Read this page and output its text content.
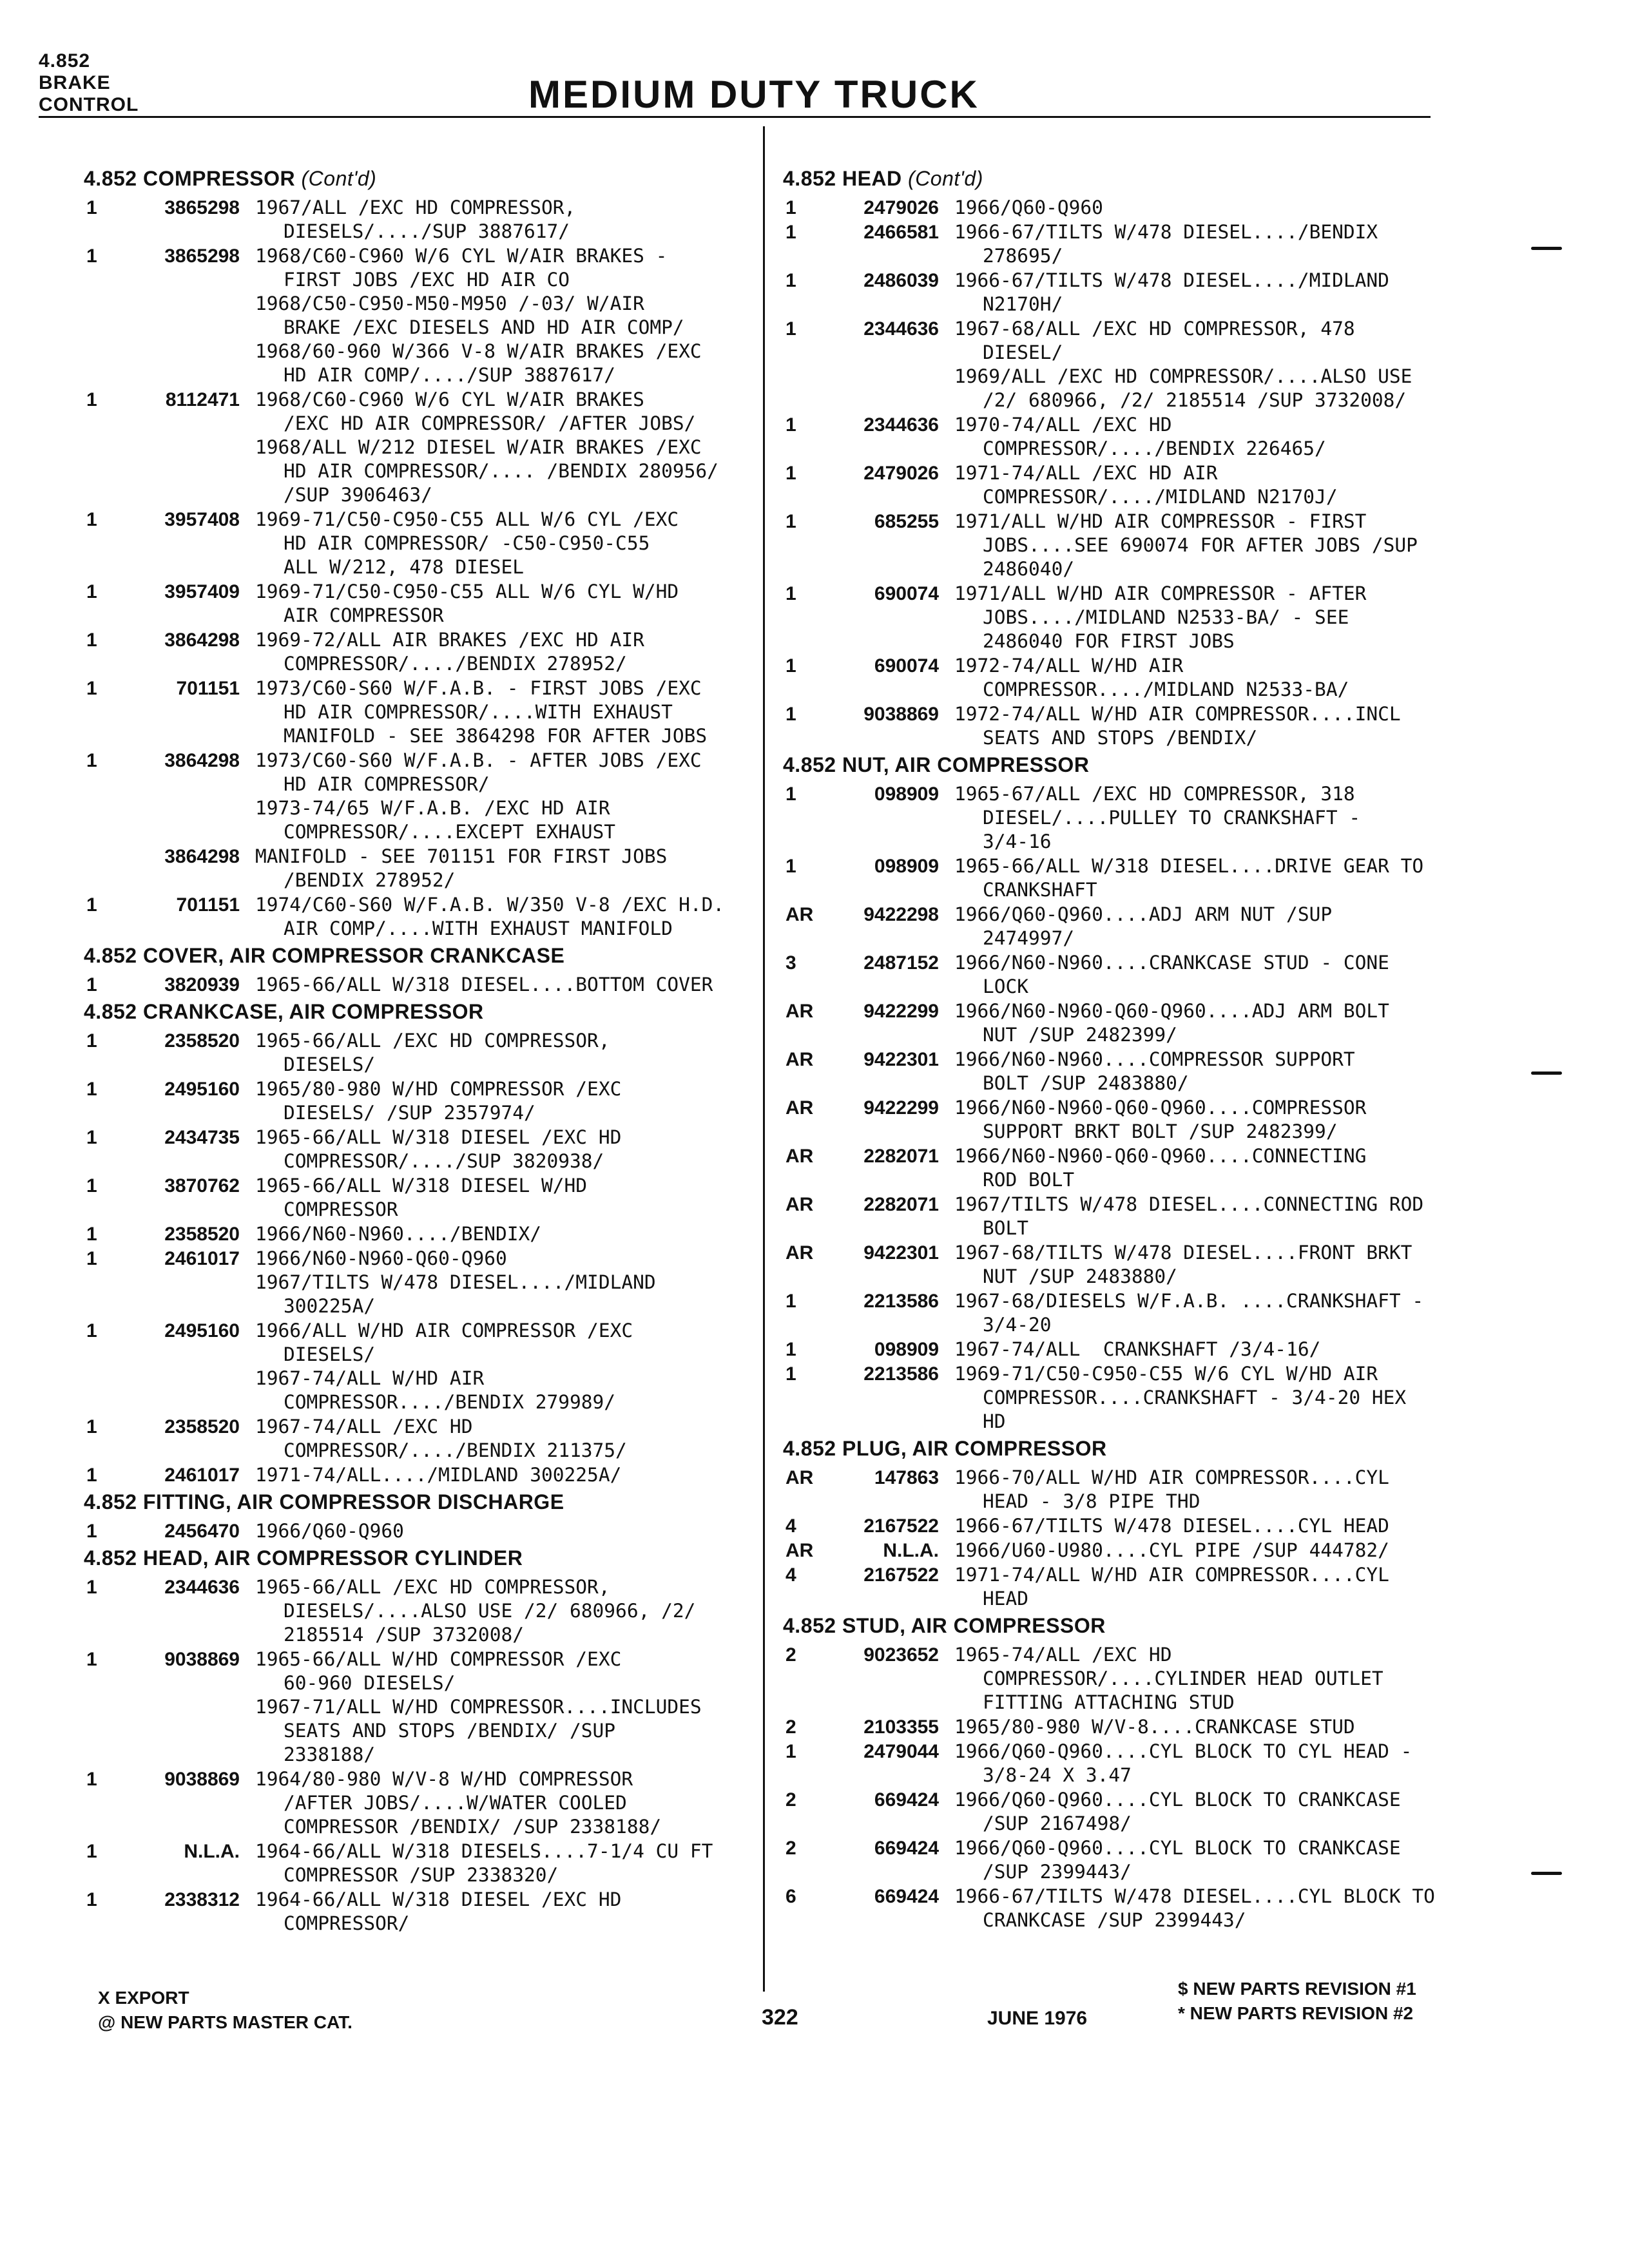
4.852
BRAKE
CONTROL	MEDIUM DUTY TRUCK
4.852 COMPRESSOR (Cont'd)
1	3865298 1967/ALL /EXC HD COMPRESSOR,
DIESELS/..../SUP 3887617/
1	3865298 1968/C60-C960 W/6 CYL W/AIR BRAKES -
FIRST JOBS /EXC HD AIR CO
1968/C50-C950-M50-M950 /-03/ W/AIR
BRAKE /EXC DIESELS AND HD AIR COMP/
1968/60-960 W/366 V-8 W/AIR BRAKES /EXC
HD AIR COMP/..../SUP 3887617/
1	8112471 1968/C60-C960 W/6 CYL W/AIR BRAKES
/EXC HD AIR COMPRESSOR/ /AFTER JOBS/
1968/ALL W/212 DIESEL W/AIR BRAKES /EXC
HD AIR COMPRESSOR/.... /BENDIX 280956/
/SUP 3906463/
1	3957408 1969-71/C50-C950-C55 ALL W/6 CYL /EXC
HD AIR COMPRESSOR/ -C50-C950-C55
ALL W/212, 478 DIESEL
1	3957409 1969-71/C50-C950-C55 ALL W/6 CYL W/HD
AIR COMPRESSOR
1	3864298 1969-72/ALL AIR BRAKES /EXC HD AIR
COMPRESSOR/..../BENDIX 278952/
1	701151 1973/C60-S60 W/F.A.B. - FIRST JOBS /EXC
HD AIR COMPRESSOR/....WITH EXHAUST
MANIFOLD - SEE 3864298 FOR AFTER JOBS
1	3864298 1973/C60-S60 W/F.A.B. - AFTER JOBS /EXC
HD AIR COMPRESSOR/
1973-74/65 W/F.A.B. /EXC HD AIR
COMPRESSOR/....EXCEPT EXHAUST
3864298 MANIFOLD - SEE 701151 FOR FIRST JOBS
/BENDIX 278952/
1	701151 1974/C60-S60 W/F.A.B. W/350 V-8 /EXC H.D.
AIR COMP/....WITH EXHAUST MANIFOLD
4.852 COVER, AIR COMPRESSOR CRANKCASE
1	3820939 1965-66/ALL W/318 DIESEL....BOTTOM COVER
4.852 CRANKCASE, AIR COMPRESSOR
1	2358520 1965-66/ALL /EXC HD COMPRESSOR,
DIESELS/
1	2495160 1965/80-980 W/HD COMPRESSOR /EXC
DIESELS/ /SUP 2357974/
1	2434735 1965-66/ALL W/318 DIESEL /EXC HD
COMPRESSOR/..../SUP 3820938/
1	3870762 1965-66/ALL W/318 DIESEL W/HD
COMPRESSOR
1	2358520 1966/N60-N960..../BENDIX/
1	2461017 1966/N60-N960-Q60-Q960
1967/TILTS W/478 DIESEL..../MIDLAND
300225A/
1	2495160 1966/ALL W/HD AIR COMPRESSOR /EXC
DIESELS/
1967-74/ALL W/HD AIR
COMPRESSOR..../BENDIX 279989/
1	2358520 1967-74/ALL /EXC HD
COMPRESSOR/..../BENDIX 211375/
1	2461017 1971-74/ALL..../MIDLAND 300225A/
4.852 FITTING, AIR COMPRESSOR DISCHARGE
1	2456470 1966/Q60-Q960
4.852 HEAD, AIR COMPRESSOR CYLINDER
1	2344636 1965-66/ALL /EXC HD COMPRESSOR,
DIESELS/....ALSO USE /2/ 680966, /2/
2185514 /SUP 3732008/
1	9038869 1965-66/ALL W/HD COMPRESSOR /EXC
60-960 DIESELS/
1967-71/ALL W/HD COMPRESSOR....INCLUDES
SEATS AND STOPS /BENDIX/ /SUP
2338188/
1	9038869 1964/80-980 W/V-8 W/HD COMPRESSOR
/AFTER JOBS/....W/WATER COOLED
COMPRESSOR /BENDIX/ /SUP 2338188/
1	N.L.A. 1964-66/ALL W/318 DIESELS....7-1/4 CU FT
COMPRESSOR /SUP 2338320/
1	2338312 1964-66/ALL W/318 DIESEL /EXC HD
COMPRESSOR/
4.852 HEAD (Cont'd)
1	2479026 1966/Q60-Q960
1	2466581 1966-67/TILTS W/478 DIESEL..../BENDIX
278695/
1	2486039 1966-67/TILTS W/478 DIESEL..../MIDLAND
N2170H/
1	2344636 1967-68/ALL /EXC HD COMPRESSOR, 478
DIESEL/
1969/ALL /EXC HD COMPRESSOR/....ALSO USE
/2/ 680966, /2/ 2185514 /SUP 3732008/
1	2344636 1970-74/ALL /EXC HD
COMPRESSOR/..../BENDIX 226465/
1	2479026 1971-74/ALL /EXC HD AIR
COMPRESSOR/..../MIDLAND N2170J/
1	685255 1971/ALL W/HD AIR COMPRESSOR - FIRST
JOBS....SEE 690074 FOR AFTER JOBS /SUP
2486040/
1	690074 1971/ALL W/HD AIR COMPRESSOR - AFTER
JOBS..../MIDLAND N2533-BA/ - SEE
2486040 FOR FIRST JOBS
1	690074 1972-74/ALL W/HD AIR
COMPRESSOR..../MIDLAND N2533-BA/
1	9038869 1972-74/ALL W/HD AIR COMPRESSOR....INCL
SEATS AND STOPS /BENDIX/
4.852 NUT, AIR COMPRESSOR
1	098909 1965-67/ALL /EXC HD COMPRESSOR, 318
DIESEL/....PULLEY TO CRANKSHAFT -
3/4-16
1	098909 1965-66/ALL W/318 DIESEL....DRIVE GEAR TO
CRANKSHAFT
AR	9422298 1966/Q60-Q960....ADJ ARM NUT /SUP
2474997/
3	2487152 1966/N60-N960....CRANKCASE STUD - CONE
LOCK
AR	9422299 1966/N60-N960-Q60-Q960....ADJ ARM BOLT
NUT /SUP 2482399/
AR	9422301 1966/N60-N960....COMPRESSOR SUPPORT
BOLT /SUP 2483880/
AR	9422299 1966/N60-N960-Q60-Q960....COMPRESSOR
SUPPORT BRKT BOLT /SUP 2482399/
AR	2282071 1966/N60-N960-Q60-Q960....CONNECTING
ROD BOLT
AR	2282071 1967/TILTS W/478 DIESEL....CONNECTING ROD
BOLT
AR	9422301 1967-68/TILTS W/478 DIESEL....FRONT BRKT
NUT /SUP 2483880/
1	2213586 1967-68/DIESELS W/F.A.B. ....CRANKSHAFT -
3/4-20
1	098909 1967-74/ALL  CRANKSHAFT /3/4-16/
1	2213586 1969-71/C50-C950-C55 W/6 CYL W/HD AIR
COMPRESSOR....CRANKSHAFT - 3/4-20 HEX
HD
4.852 PLUG, AIR COMPRESSOR
AR	147863 1966-70/ALL W/HD AIR COMPRESSOR....CYL
HEAD - 3/8 PIPE THD
4	2167522 1966-67/TILTS W/478 DIESEL....CYL HEAD
AR	N.L.A. 1966/U60-U980....CYL PIPE /SUP 444782/
4	2167522 1971-74/ALL W/HD AIR COMPRESSOR....CYL
HEAD
4.852 STUD, AIR COMPRESSOR
2	9023652 1965-74/ALL /EXC HD
COMPRESSOR/....CYLINDER HEAD OUTLET
FITTING ATTACHING STUD
2	2103355 1965/80-980 W/V-8....CRANKCASE STUD
1	2479044 1966/Q60-Q960....CYL BLOCK TO CYL HEAD -
3/8-24 X 3.47
2	669424 1966/Q60-Q960....CYL BLOCK TO CRANKCASE
/SUP 2167498/
2	669424 1966/Q60-Q960....CYL BLOCK TO CRANKCASE
/SUP 2399443/
6	669424 1966-67/TILTS W/478 DIESEL....CYL BLOCK TO
CRANKCASE /SUP 2399443/
X EXPORT
@ NEW PARTS MASTER CAT.	322	JUNE 1976
$ NEW PARTS REVISION #1
* NEW PARTS REVISION #2
